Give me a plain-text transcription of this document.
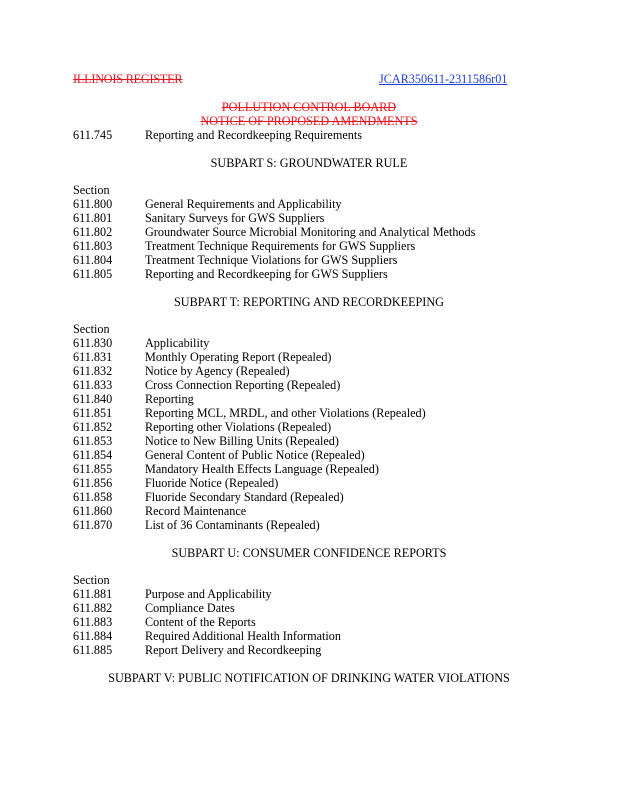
ILLINOIS REGISTER	JCAR350611-2311586r01
POLLUTION CONTROL BOARD
NOTICE OF PROPOSED AMENDMENTS
611.745	Reporting and Recordkeeping Requirements
SUBPART S: GROUNDWATER RULE
Section
611.800	General Requirements and Applicability
611.801	Sanitary Surveys for GWS Suppliers
611.802	Groundwater Source Microbial Monitoring and Analytical Methods
611.803	Treatment Technique Requirements for GWS Suppliers
611.804	Treatment Technique Violations for GWS Suppliers
611.805	Reporting and Recordkeeping for GWS Suppliers
SUBPART T: REPORTING AND RECORDKEEPING
Section
611.830	Applicability
611.831	Monthly Operating Report (Repealed)
611.832	Notice by Agency (Repealed)
611.833	Cross Connection Reporting (Repealed)
611.840	Reporting
611.851	Reporting MCL, MRDL, and other Violations (Repealed)
611.852	Reporting other Violations (Repealed)
611.853	Notice to New Billing Units (Repealed)
611.854	General Content of Public Notice (Repealed)
611.855	Mandatory Health Effects Language (Repealed)
611.856	Fluoride Notice (Repealed)
611.858	Fluoride Secondary Standard (Repealed)
611.860	Record Maintenance
611.870	List of 36 Contaminants (Repealed)
SUBPART U: CONSUMER CONFIDENCE REPORTS
Section
611.881	Purpose and Applicability
611.882	Compliance Dates
611.883	Content of the Reports
611.884	Required Additional Health Information
611.885	Report Delivery and Recordkeeping
SUBPART V: PUBLIC NOTIFICATION OF DRINKING WATER VIOLATIONS
